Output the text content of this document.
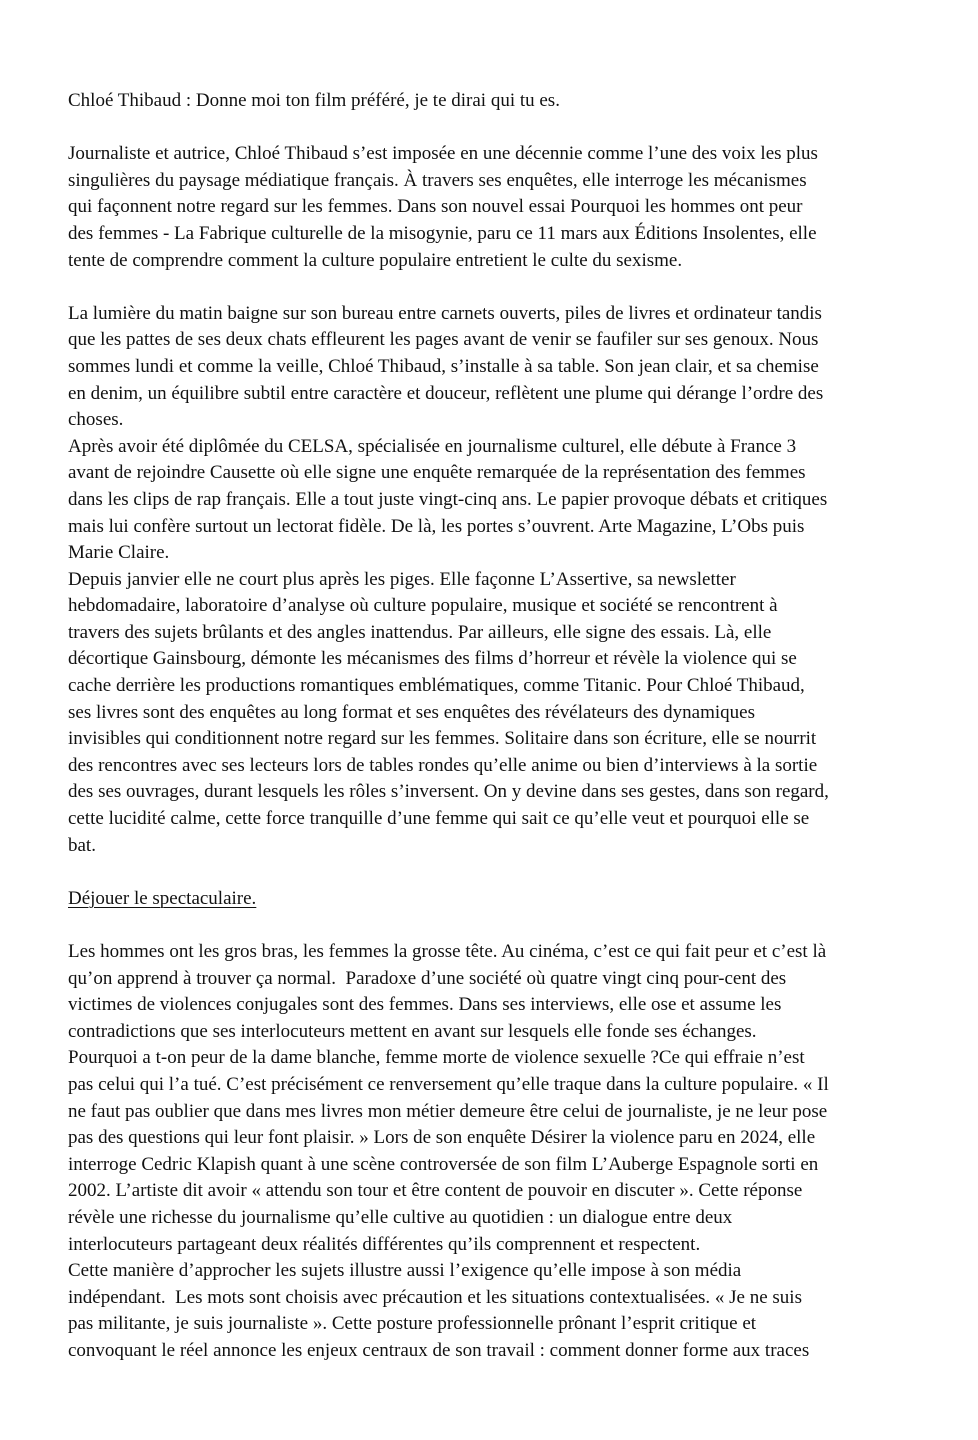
Chloé Thibaud : Donne moi ton film préféré, je te dirai qui tu es.

Journaliste et autrice, Chloé Thibaud s’est imposée en une décennie comme l’une des voix les plus
singulières du paysage médiatique français. À travers ses enquêtes, elle interroge les mécanismes
qui façonnent notre regard sur les femmes. Dans son nouvel essai Pourquoi les hommes ont peur
des femmes - La Fabrique culturelle de la misogynie, paru ce 11 mars aux Éditions Insolentes, elle
tente de comprendre comment la culture populaire entretient le culte du sexisme.

La lumière du matin baigne sur son bureau entre carnets ouverts, piles de livres et ordinateur tandis
que les pattes de ses deux chats effleurent les pages avant de venir se faufiler sur ses genoux. Nous
sommes lundi et comme la veille, Chloé Thibaud, s’installe à sa table. Son jean clair, et sa chemise
en denim, un équilibre subtil entre caractère et douceur, reflètent une plume qui dérange l’ordre des
choses.

Après avoir été diplômée du CELSA, spécialisée en journalisme culturel, elle débute à France 3
avant de rejoindre Causette où elle signe une enquête remarquée de la représentation des femmes
dans les clips de rap français. Elle a tout juste vingt-cinq ans. Le papier provoque débats et critiques
mais lui confère surtout un lectorat fidèle. De là, les portes s’ouvrent. Arte Magazine, L’Obs puis
Marie Claire.

Depuis janvier elle ne court plus après les piges. Elle façonne L’Assertive, sa newsletter
hebdomadaire, laboratoire d’analyse où culture populaire, musique et société se rencontrent à
travers des sujets brûlants et des angles inattendus. Par ailleurs, elle signe des essais. Là, elle
décortique Gainsbourg, démonte les mécanismes des films d’horreur et révèle la violence qui se
cache derrière les productions romantiques emblématiques, comme Titanic. Pour Chloé Thibaud,
ses livres sont des enquêtes au long format et ses enquêtes des révélateurs des dynamiques
invisibles qui conditionnent notre regard sur les femmes. Solitaire dans son écriture, elle se nourrit
des rencontres avec ses lecteurs lors de tables rondes qu’elle anime ou bien d’interviews à la sortie
des ses ouvrages, durant lesquels les rôles s’inversent. On y devine dans ses gestes, dans son regard,
cette lucidité calme, cette force tranquille d’une femme qui sait ce qu’elle veut et pourquoi elle se
bat.

Déjouer le spectaculaire.

Les hommes ont les gros bras, les femmes la grosse tête. Au cinéma, c’est ce qui fait peur et c’est là
qu’on apprend à trouver ça normal.  Paradoxe d’une société où quatre vingt cinq pour-cent des
victimes de violences conjugales sont des femmes. Dans ses interviews, elle ose et assume les
contradictions que ses interlocuteurs mettent en avant sur lesquels elle fonde ses échanges.
Pourquoi a t-on peur de la dame blanche, femme morte de violence sexuelle ?Ce qui effraie n’est
pas celui qui l’a tué. C’est précisément ce renversement qu’elle traque dans la culture populaire. « Il
ne faut pas oublier que dans mes livres mon métier demeure être celui de journaliste, je ne leur pose
pas des questions qui leur font plaisir. » Lors de son enquête Désirer la violence paru en 2024, elle
interroge Cedric Klapish quant à une scène controversée de son film L’Auberge Espagnole sorti en
2002. L’artiste dit avoir « attendu son tour et être content de pouvoir en discuter ». Cette réponse
révèle une richesse du journalisme qu’elle cultive au quotidien : un dialogue entre deux
interlocuteurs partageant deux réalités différentes qu’ils comprennent et respectent.

Cette manière d’approcher les sujets illustre aussi l’exigence qu’elle impose à son média
indépendant.  Les mots sont choisis avec précaution et les situations contextualisées. « Je ne suis
pas militante, je suis journaliste ». Cette posture professionnelle prônant l’esprit critique et
convoquant le réel annonce les enjeux centraux de son travail : comment donner forme aux traces
